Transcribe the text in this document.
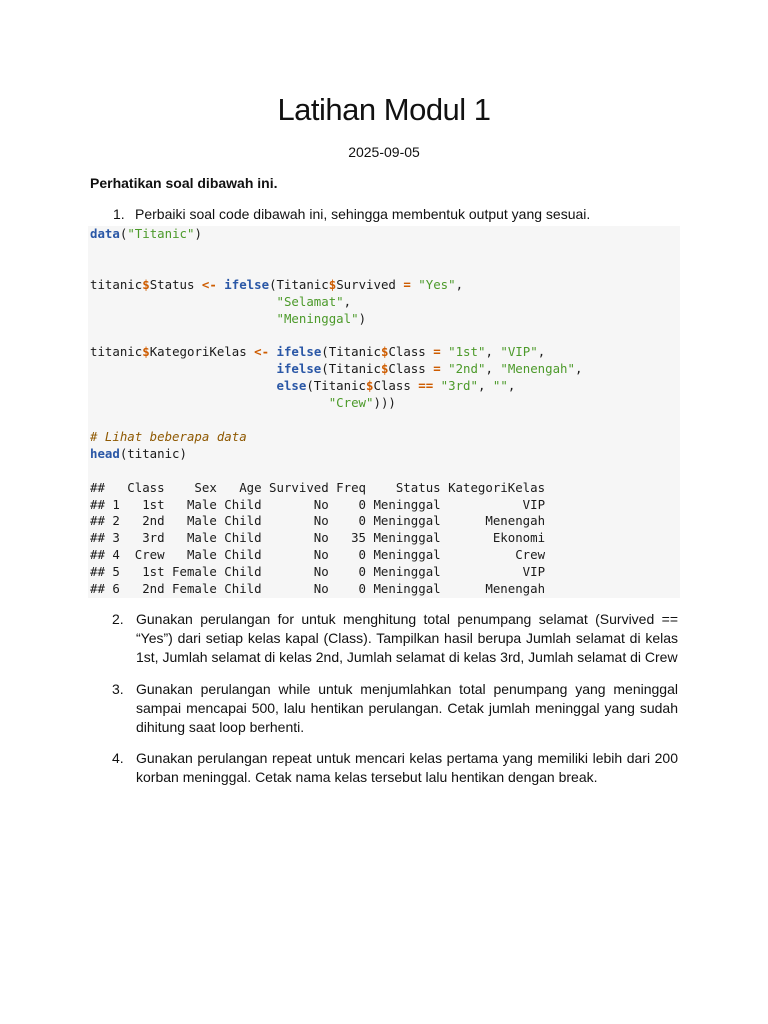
Latihan Modul 1
2025-09-05
Perhatikan soal dibawah ini.
1. Perbaiki soal code dibawah ini, sehingga membentuk output yang sesuai.
data("Titanic")

titanic$Status <- ifelse(Titanic$Survived = "Yes",
"Selamat",
"Meninggal")

titanic$KategoriKelas <- ifelse(Titanic$Class = "1st", "VIP",
ifelse(Titanic$Class = "2nd", "Menengah",
else(Titanic$Class == "3rd", "",
"Crew")))

# Lihat beberapa data
head(titanic)

##   Class    Sex   Age Survived Freq    Status KategoriKelas
## 1   1st   Male Child       No    0 Meninggal           VIP
## 2   2nd   Male Child       No    0 Meninggal      Menengah
## 3   3rd   Male Child       No   35 Meninggal       Ekonomi
## 4  Crew   Male Child       No    0 Meninggal          Crew
## 5   1st Female Child       No    0 Meninggal           VIP
## 6   2nd Female Child       No    0 Meninggal      Menengah
2. Gunakan perulangan for untuk menghitung total penumpang selamat (Survived == “Yes”) dari setiap kelas kapal (Class). Tampilkan hasil berupa Jumlah selamat di kelas 1st, Jumlah selamat di kelas 2nd, Jumlah selamat di kelas 3rd, Jumlah selamat di Crew
3. Gunakan perulangan while untuk menjumlahkan total penumpang yang meninggal sampai mencapai 500, lalu hentikan perulangan. Cetak jumlah meninggal yang sudah dihitung saat loop berhenti.
4. Gunakan perulangan repeat untuk mencari kelas pertama yang memiliki lebih dari 200 korban meninggal. Cetak nama kelas tersebut lalu hentikan dengan break.
